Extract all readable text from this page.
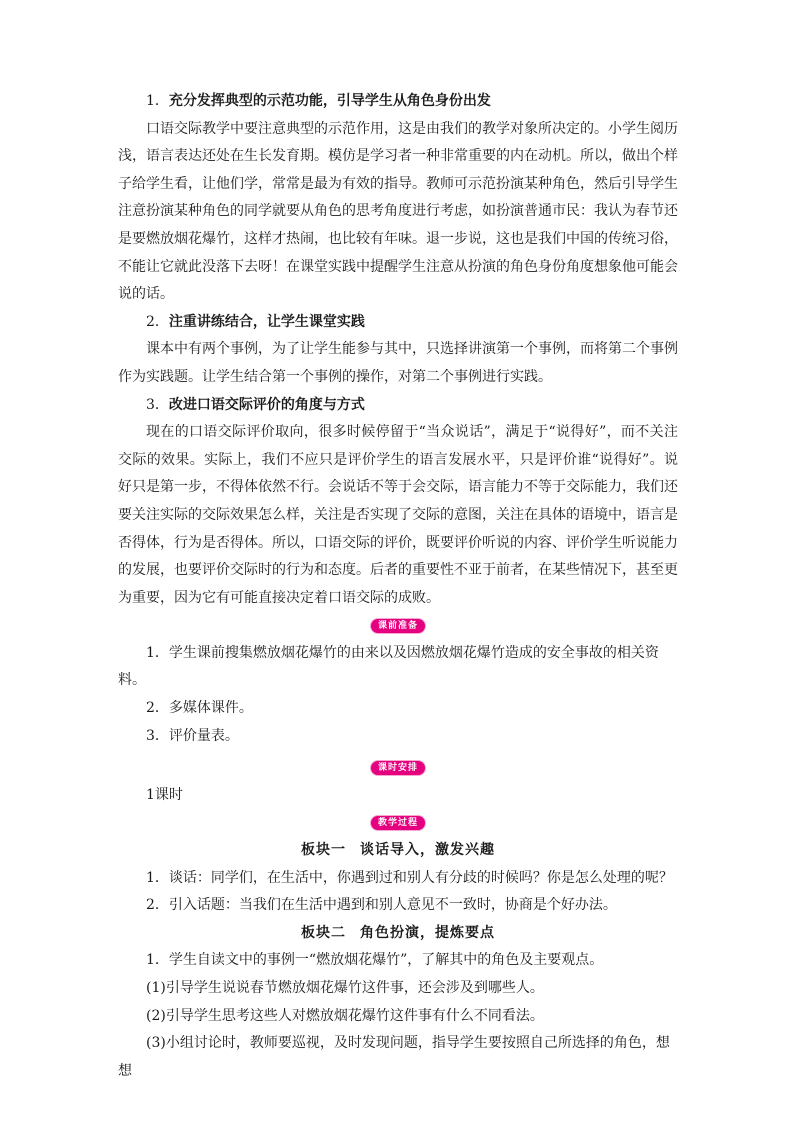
1．充分发挥典型的示范功能，引导学生从角色身份出发

口语交际教学中要注意典型的示范作用，这是由我们的教学对象所决定的。小学生阅历浅，语言表达还处在生长发育期。模仿是学习者一种非常重要的内在动机。所以，做出个样子给学生看，让他们学，常常是最为有效的指导。教师可示范扮演某种角色，然后引导学生注意扮演某种角色的同学就要从角色的思考角度进行考虑，如扮演普通市民：我认为春节还是要燃放烟花爆竹，这样才热闹，也比较有年味。退一步说，这也是我们中国的传统习俗，不能让它就此没落下去呀！在课堂实践中提醒学生注意从扮演的角色身份角度想象他可能会说的话。

2．注重讲练结合，让学生课堂实践

课本中有两个事例，为了让学生能参与其中，只选择讲演第一个事例，而将第二个事例作为实践题。让学生结合第一个事例的操作，对第二个事例进行实践。

3．改进口语交际评价的角度与方式

现在的口语交际评价取向，很多时候停留于“当众说话”，满足于“说得好”，而不关注交际的效果。实际上，我们不应只是评价学生的语言发展水平，只是评价谁“说得好”。说好只是第一步，不得体依然不行。会说话不等于会交际，语言能力不等于交际能力，我们还要关注实际的交际效果怎么样，关注是否实现了交际的意图，关注在具体的语境中，语言是否得体，行为是否得体。所以，口语交际的评价，既要评价听说的内容、评价学生听说能力的发展，也要评价交际时的行为和态度。后者的重要性不亚于前者，在某些情况下，甚至更为重要，因为它有可能直接决定着口语交际的成败。

课前准备

1．学生课前搜集燃放烟花爆竹的由来以及因燃放烟花爆竹造成的安全事故的相关资料。

2．多媒体课件。

3．评价量表。

课时安排

1课时

教学过程

板块一 谈话导入，激发兴趣

1．谈话：同学们，在生活中，你遇到过和别人有分歧的时候吗？你是怎么处理的呢？

2．引入话题：当我们在生活中遇到和别人意见不一致时，协商是个好办法。

板块二 角色扮演，提炼要点

1．学生自读文中的事例一“燃放烟花爆竹”，了解其中的角色及主要观点。

(1)引导学生说说春节燃放烟花爆竹这件事，还会涉及到哪些人。

(2)引导学生思考这些人对燃放烟花爆竹这件事有什么不同看法。

(3)小组讨论时，教师要巡视，及时发现问题，指导学生要按照自己所选择的角色，想想
